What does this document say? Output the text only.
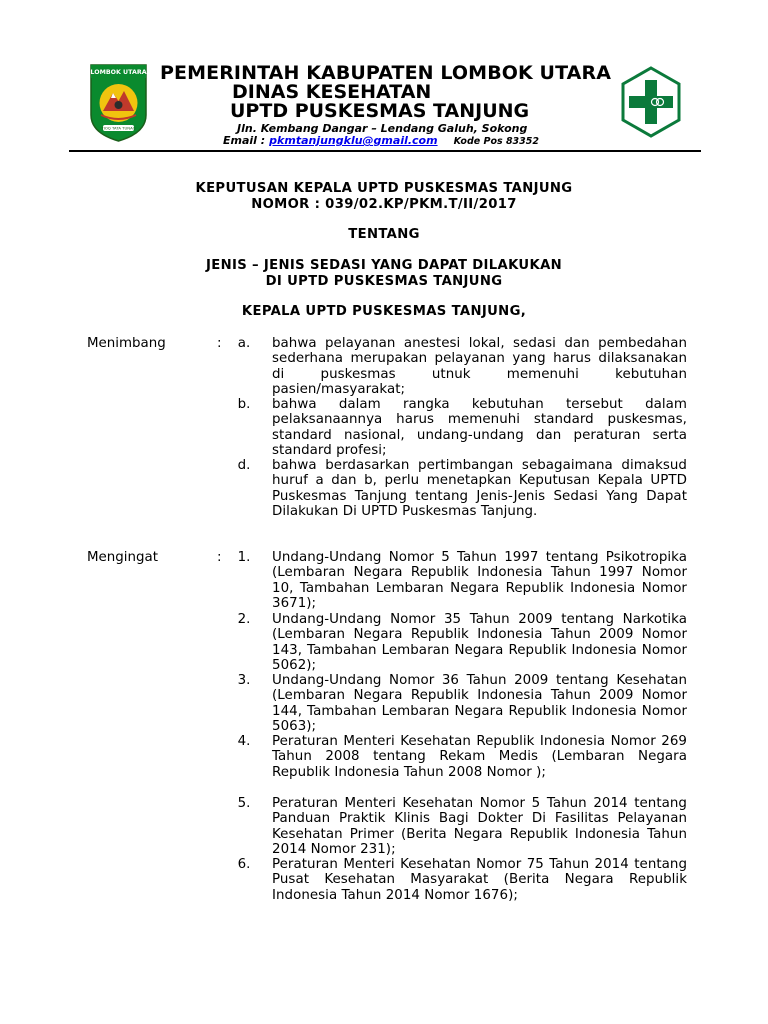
LOMBOK UTARA
TIOQ TATA TUNAQ
PEMERINTAH KABUPATEN LOMBOK UTARA
DINAS KESEHATAN
UPTD PUSKESMAS TANJUNG
Jln. Kembang Dangar – Lendang Galuh, Sokong
Email : pkmtanjungklu@gmail.com Kode Pos 83352
KEPUTUSAN KEPALA UPTD PUSKESMAS TANJUNG
NOMOR : 039/02.KP/PKM.T/II/2017
TENTANG
JENIS – JENIS SEDASI YANG DAPAT DILAKUKAN
DI UPTD PUSKESMAS TANJUNG
KEPALA UPTD PUSKESMAS TANJUNG,
Menimbang	: a. bahwa pelayanan anestesi lokal, sedasi dan pembedahan sederhana merupakan pelayanan yang harus dilaksanakan di puskesmas utnuk memenuhi kebutuhan pasien/masyarakat;
b. bahwa dalam rangka kebutuhan tersebut dalam pelaksanaannya harus memenuhi standard puskesmas, standard nasional, undang-undang dan peraturan serta standard profesi;
d. bahwa berdasarkan pertimbangan sebagaimana dimaksud huruf a dan b, perlu menetapkan Keputusan Kepala UPTD Puskesmas Tanjung tentang Jenis-Jenis Sedasi Yang Dapat Dilakukan Di UPTD Puskesmas Tanjung.
Mengingat	: 1. Undang-Undang Nomor 5 Tahun 1997 tentang Psikotropika (Lembaran Negara Republik Indonesia Tahun 1997 Nomor 10, Tambahan Lembaran Negara Republik Indonesia Nomor 3671);
2. Undang-Undang Nomor 35 Tahun 2009 tentang Narkotika (Lembaran Negara Republik Indonesia Tahun 2009 Nomor 143, Tambahan Lembaran Negara Republik Indonesia Nomor 5062);
3. Undang-Undang Nomor 36 Tahun 2009 tentang Kesehatan (Lembaran Negara Republik Indonesia Tahun 2009 Nomor 144, Tambahan Lembaran Negara Republik Indonesia Nomor 5063);
4. Peraturan Menteri Kesehatan Republik Indonesia Nomor 269 Tahun 2008 tentang Rekam Medis (Lembaran Negara Republik Indonesia Tahun 2008 Nomor );
5. Peraturan Menteri Kesehatan Nomor 5 Tahun 2014 tentang Panduan Praktik Klinis Bagi Dokter Di Fasilitas Pelayanan Kesehatan Primer (Berita Negara Republik Indonesia Tahun 2014 Nomor 231);
6. Peraturan Menteri Kesehatan Nomor 75 Tahun 2014 tentang Pusat Kesehatan Masyarakat (Berita Negara Republik Indonesia Tahun 2014 Nomor 1676);
